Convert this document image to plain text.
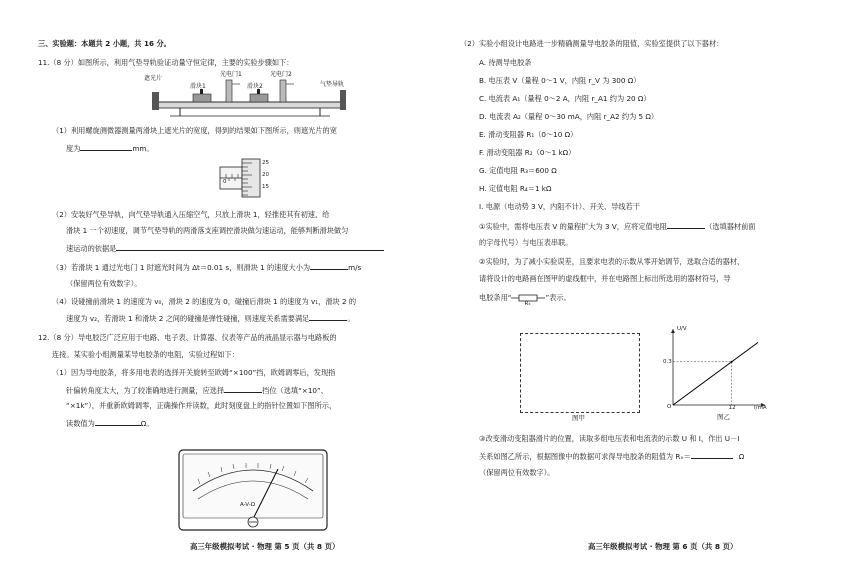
三、实验题：本题共 2 小题，共 16 分。
11.（8 分）如图所示，利用气垫导轨验证动量守恒定律，主要的实验步骤如下：
遮光片
光电门1	光电门2
滑块1	滑块2	气垫导轨
（1）利用螺旋测微器测量两滑块上遮光片的宽度，得到的结果如下图所示，则遮光片的宽
度为	mm。
25
20
15
0
（2）安装好气垫导轨，向气垫导轨通入压缩空气，只放上滑块 1，轻推使其有初速，给
滑块 1 一个初速度，调节气垫导轨的两滑落支座调控滑块做匀速运动，能够判断滑块做匀
速运动的依据是
（3）若滑块 1 通过光电门 1 时遮光时间为 Δt＝0.01 s，则滑块 1 的速度大小为	m/s
（保留两位有效数字）。
（4）设碰撞前滑块 1 的速度为 v₀，滑块 2 的速度为 0，碰撞后滑块 1 的速度为 v₁，滑块 2 的
速度为 v₂，若滑块 1 和滑块 2 之间的碰撞是弹性碰撞，则速度关系需要满足	。
12.（8 分）导电胶泛广泛应用于电路、电子表、计算器、仪表等产品的液晶显示器与电路板的
连接。某实验小组测量某导电胶条的电阻，实验过程如下：
（1）因为导电胶条，将多用电表的选择开关旋转至欧姆“×100”挡，欧姆调零后，发现指
针偏转角度太大，为了较准确地进行测量，应选择	挡位（选填“×10”、
“×1k”），并重新欧姆调零，正确操作并读数，此时刻度盘上的指针位置如下图所示，
读数值为	Ω。
A-V-Ω
高三年级模拟考试 · 物理 第 5 页（共 8 页）
（2）实验小组设计电路进一步精确测量导电胶条的阻值，实验室提供了以下器材：
A. 待测导电胶条
B. 电压表 V（量程 0～1 V，内阻 r_V 为 300 Ω）
C. 电流表 A₁（量程 0～2 A，内阻 r_A1 约为 20 Ω）
D. 电流表 A₂（量程 0～30 mA，内阻 r_A2 约为 5 Ω）
E. 滑动变阻器 R₁（0～10 Ω）
F. 滑动变阻器 R₂（0～1 kΩ）
G. 定值电阻 R₃＝600 Ω
H. 定值电阻 R₄＝1 kΩ
I. 电源（电动势 3 V，内阻不计）、开关、导线若干
①实验中，需将电压表 V 的量程扩大为 3 V，应将定值电阻	（选填器材前面
的字母代号）与电压表串联。
②实验时，为了减小实验误差，且要求电表的示数从零开始调节，选取合适的器材，
请将设计的电路画在图甲的虚线框中，并在电路图上标出所选用的器材符号，导
电胶条用“
Rₓ
”表示。
图甲
U/V
I/mA
0.3
12
O
图乙
③改变滑动变阻器滑片的位置，读取多组电压表和电流表的示数 U 和 I，作出 U－I
关系如图乙所示，根据图像中的数据可求得导电胶条的阻值为 Rₓ＝	Ω
（保留两位有效数字）。
高三年级模拟考试 · 物理 第 6 页（共 8 页）
